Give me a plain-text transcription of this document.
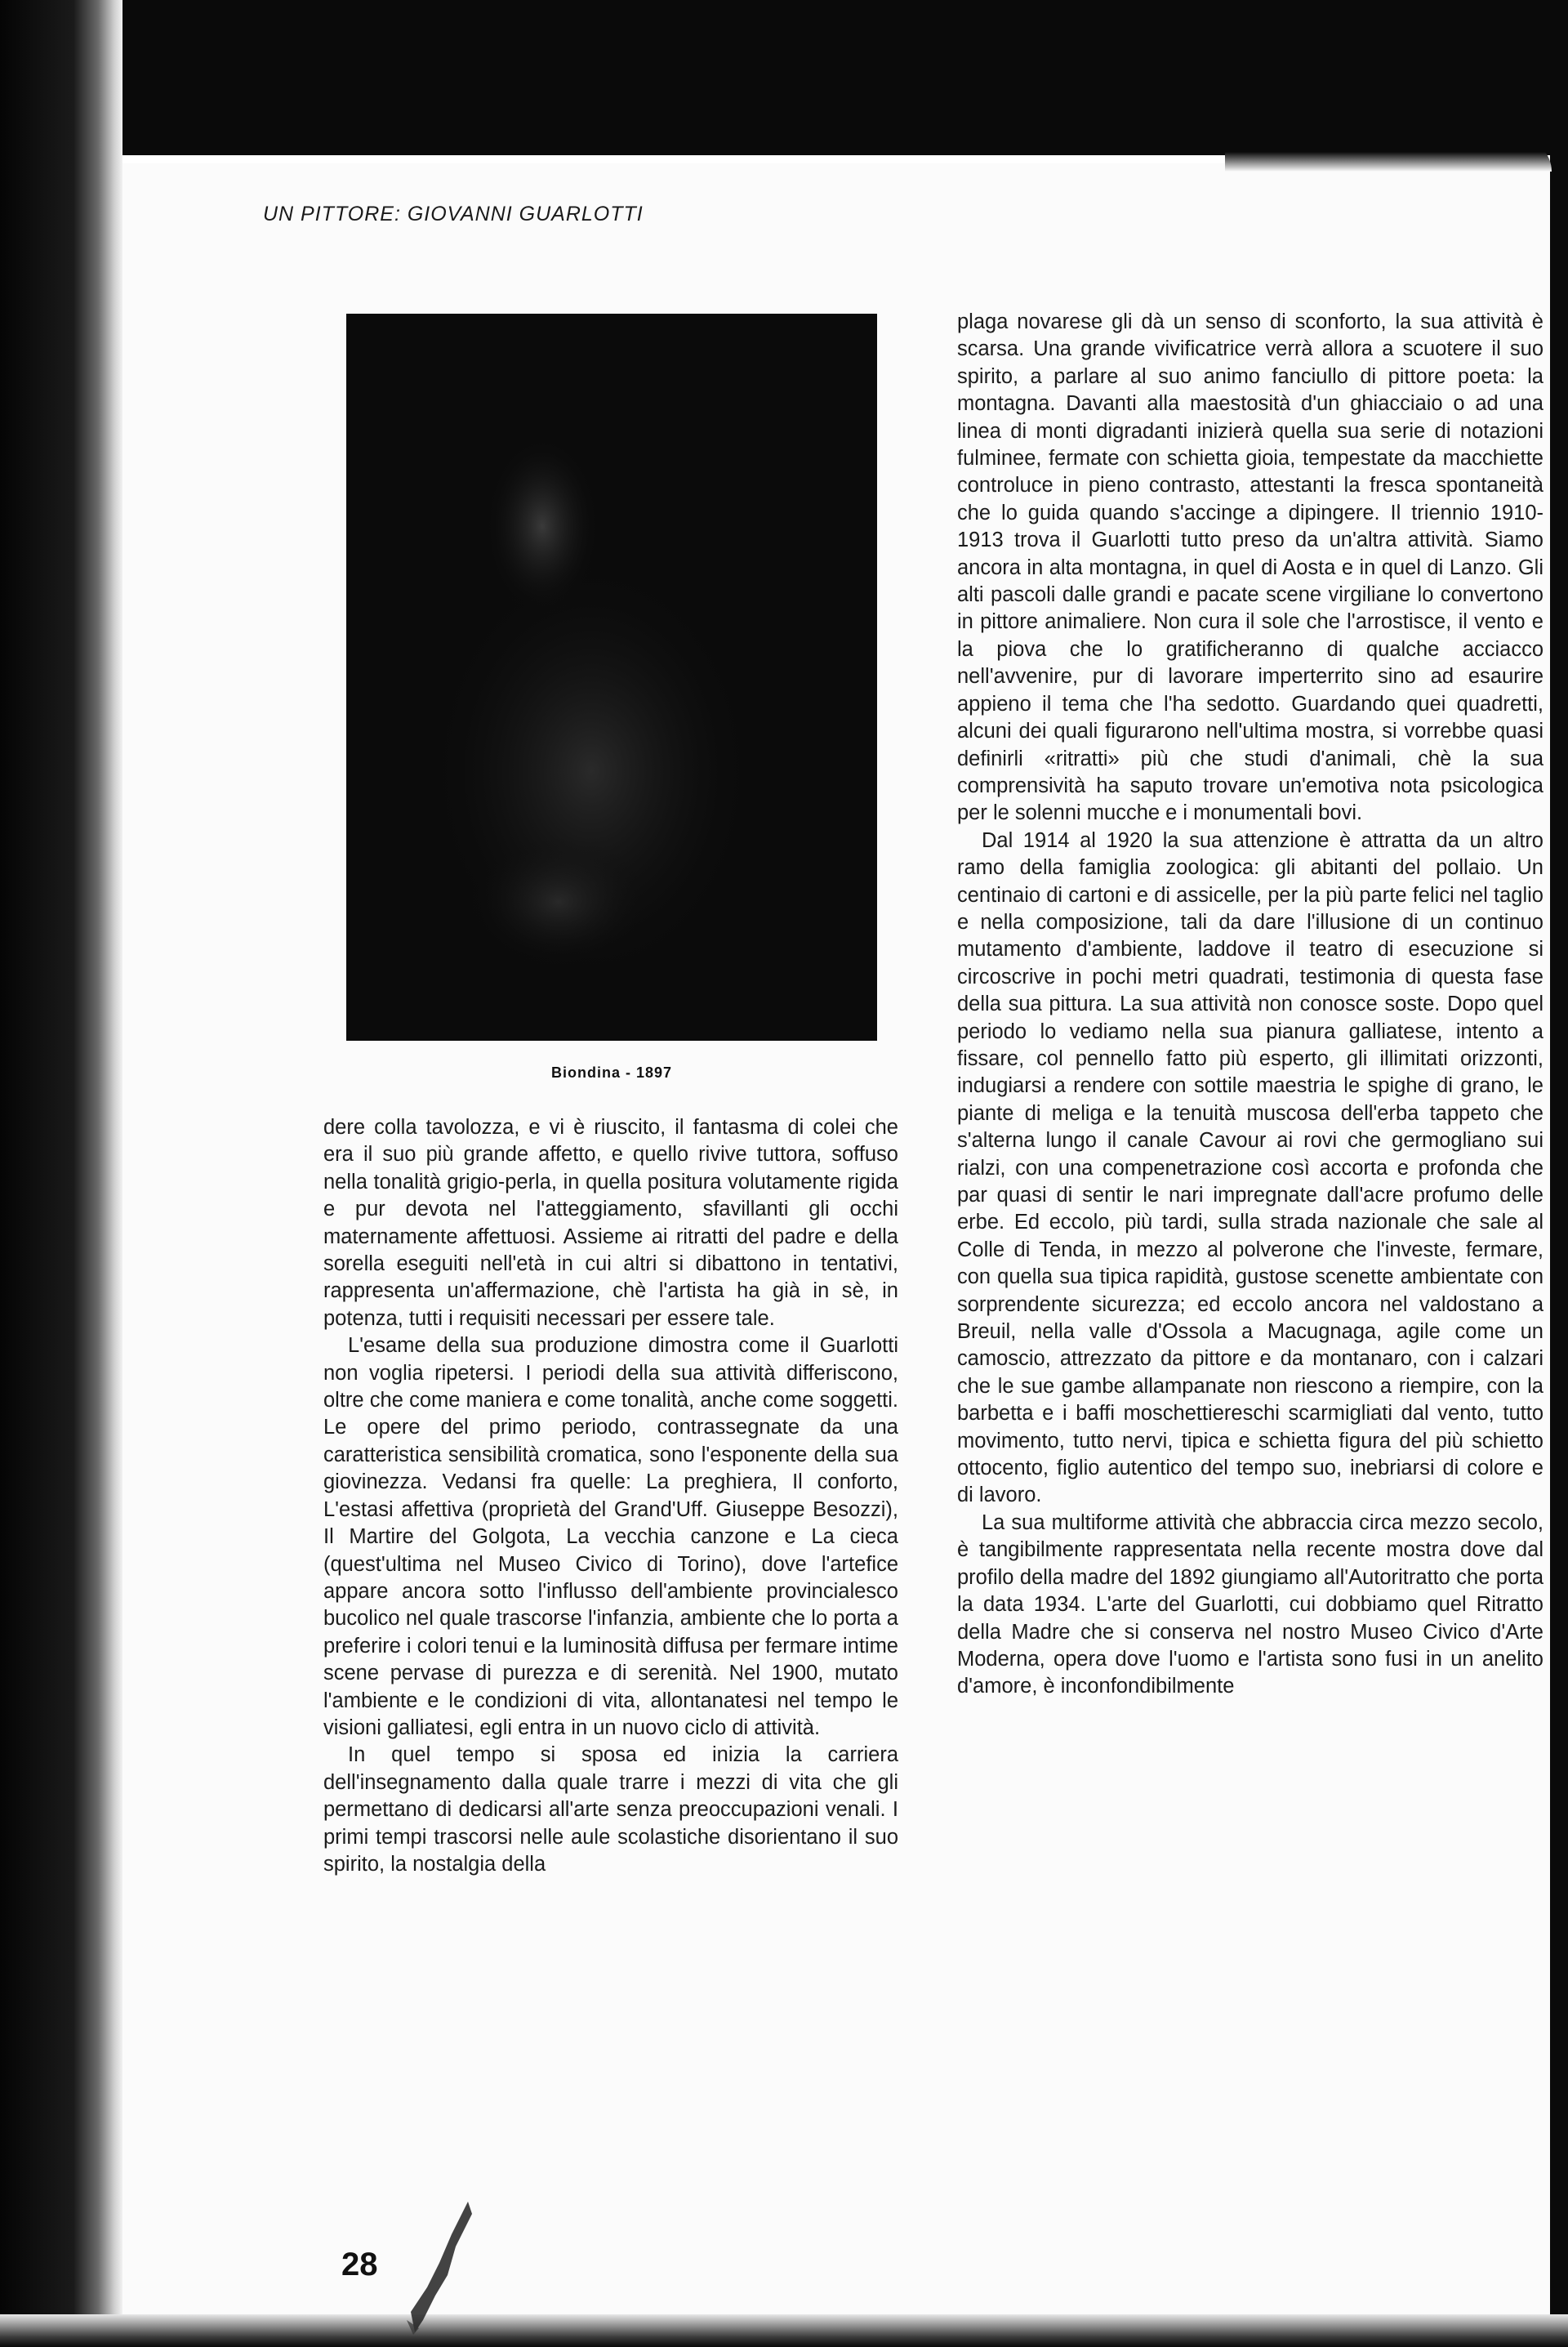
UN PITTORE: GIOVANNI GUARLOTTI
Biondina - 1897

dere colla tavolozza, e vi è riuscito, il fantasma di colei che era il suo più grande affetto, e quello rivive tuttora, soffuso nella tonalità grigio-perla, in quella positura volutamente rigida e pur devota nel l'atteggiamento, sfavillanti gli occhi maternamente affettuosi. Assieme ai ritratti del padre e della sorella eseguiti nell'età in cui altri si dibattono in tentativi, rappresenta un'affermazione, chè l'artista ha già in sè, in potenza, tutti i requisiti necessari per essere tale.

L'esame della sua produzione dimostra come il Guarlotti non voglia ripetersi. I periodi della sua attività differiscono, oltre che come maniera e come tonalità, anche come soggetti. Le opere del primo periodo, contrassegnate da una caratteristica sensibilità cromatica, sono l'esponente della sua giovinezza. Vedansi fra quelle: La preghiera, Il conforto, L'estasi affettiva (proprietà del Grand'Uff. Giuseppe Besozzi), Il Martire del Golgota, La vecchia canzone e La cieca (quest'ultima nel Museo Civico di Torino), dove l'artefice appare ancora sotto l'influsso dell'ambiente provincialesco bucolico nel quale trascorse l'infanzia, ambiente che lo porta a preferire i colori tenui e la luminosità diffusa per fermare intime scene pervase di purezza e di serenità. Nel 1900, mutato l'ambiente e le condizioni di vita, allontanatesi nel tempo le visioni galliatesi, egli entra in un nuovo ciclo di attività.

In quel tempo si sposa ed inizia la carriera dell'insegnamento dalla quale trarre i mezzi di vita che gli permettano di dedicarsi all'arte senza preoccupazioni venali. I primi tempi trascorsi nelle aule scolastiche disorientano il suo spirito, la nostalgia della

plaga novarese gli dà un senso di sconforto, la sua attività è scarsa. Una grande vivificatrice verrà allora a scuotere il suo spirito, a parlare al suo animo fanciullo di pittore poeta: la montagna. Davanti alla maestosità d'un ghiacciaio o ad una linea di monti digradanti inizierà quella sua serie di notazioni fulminee, fermate con schietta gioia, tempestate da macchiette controluce in pieno contrasto, attestanti la fresca spontaneità che lo guida quando s'accinge a dipingere. Il triennio 1910-1913 trova il Guarlotti tutto preso da un'altra attività. Siamo ancora in alta montagna, in quel di Aosta e in quel di Lanzo. Gli alti pascoli dalle grandi e pacate scene virgiliane lo convertono in pittore animaliere. Non cura il sole che l'arrostisce, il vento e la piova che lo gratificheranno di qualche acciacco nell'avvenire, pur di lavorare imperterrito sino ad esaurire appieno il tema che l'ha sedotto. Guardando quei quadretti, alcuni dei quali figurarono nell'ultima mostra, si vorrebbe quasi definirli «ritratti» più che studi d'animali, chè la sua comprensività ha saputo trovare un'emotiva nota psicologica per le solenni mucche e i monumentali bovi.

Dal 1914 al 1920 la sua attenzione è attratta da un altro ramo della famiglia zoologica: gli abitanti del pollaio. Un centinaio di cartoni e di assicelle, per la più parte felici nel taglio e nella composizione, tali da dare l'illusione di un continuo mutamento d'ambiente, laddove il teatro di esecuzione si circoscrive in pochi metri quadrati, testimonia di questa fase della sua pittura. La sua attività non conosce soste. Dopo quel periodo lo vediamo nella sua pianura galliatese, intento a fissare, col pennello fatto più esperto, gli illimitati orizzonti, indugiarsi a rendere con sottile maestria le spighe di grano, le piante di meliga e la tenuità muscosa dell'erba tappeto che s'alterna lungo il canale Cavour ai rovi che germogliano sui rialzi, con una compenetrazione così accorta e profonda che par quasi di sentir le nari impregnate dall'acre profumo delle erbe. Ed eccolo, più tardi, sulla strada nazionale che sale al Colle di Tenda, in mezzo al polverone che l'investe, fermare, con quella sua tipica rapidità, gustose scenette ambientate con sorprendente sicurezza; ed eccolo ancora nel valdostano a Breuil, nella valle d'Ossola a Macugnaga, agile come un camoscio, attrezzato da pittore e da montanaro, con i calzari che le sue gambe allampanate non riescono a riempire, con la barbetta e i baffi moschettiereschi scarmigliati dal vento, tutto movimento, tutto nervi, tipica e schietta figura del più schietto ottocento, figlio autentico del tempo suo, inebriarsi di colore e di lavoro.

La sua multiforme attività che abbraccia circa mezzo secolo, è tangibilmente rappresentata nella recente mostra dove dal profilo della madre del 1892 giungiamo all'Autoritratto che porta la data 1934. L'arte del Guarlotti, cui dobbiamo quel Ritratto della Madre che si conserva nel nostro Museo Civico d'Arte Moderna, opera dove l'uomo e l'artista sono fusi in un anelito d'amore, è inconfondibilmente

28
